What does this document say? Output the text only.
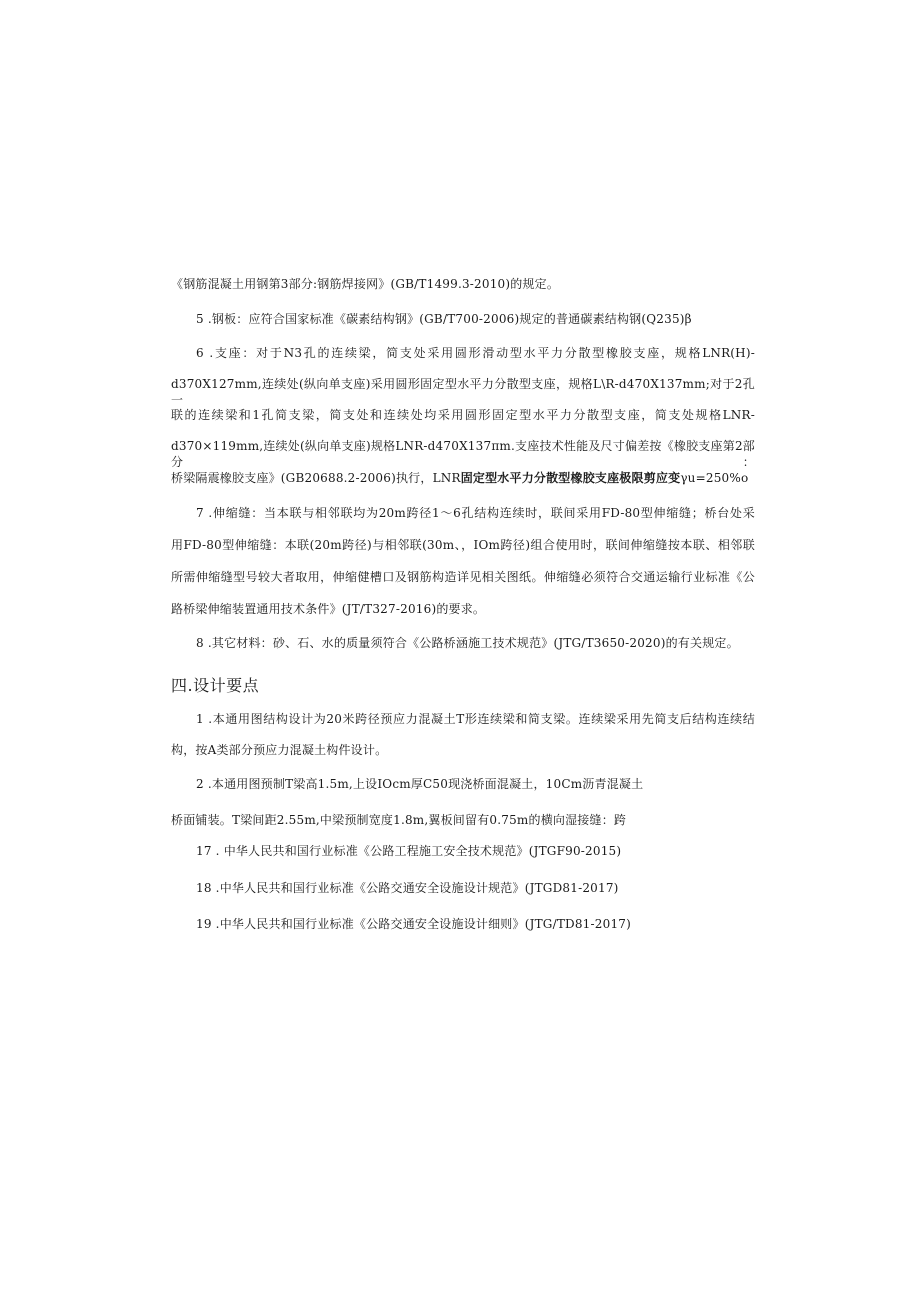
《钢筋混凝土用钢第3部分:钢筋焊接网》(GB/T1499.3-2010)的规定。
5 .钢板：应符合国家标准《碳素结构钢》(GB/T700-2006)规定的普通碳素结构钢(Q235)β
6 .支座：对于N3孔的连续梁，简支处采用圆形滑动型水平力分散型橡胶支座，规格LNR(H)-
d370X127mm,连续处(纵向单支座)采用圆形固定型水平力分散型支座，规格L\R-d470X137mm;对于2孔一
联的连续梁和1孔简支梁，简支处和连续处均采用圆形固定型水平力分散型支座，简支处规格LNR-
d370×119mm,连续处(纵向单支座)规格LNR-d470X137πm.支座技术性能及尺寸偏差按《橡胶支座第2部分：
桥梁隔震橡胶支座》(GB20688.2-2006)执行，LNR固定型水平力分散型橡胶支座极限剪应变γu=250%o
7 .伸缩缝：当本联与相邻联均为20m跨径1～6孔结构连续时，联间采用FD-80型伸缩缝；桥台处采
用FD-80型伸缩缝：本联(20m跨径)与相邻联(30m、，IOm跨径)组合使用时，联间伸缩缝按本联、相邻联
所需伸缩缝型号较大者取用，伸缩健槽口及钢筋构造详见相关图纸。伸缩缝必须符合交通运输行业标准《公
路桥梁伸缩装置通用技术条件》(JT/T327-2016)的要求。
8 .其它材料：砂、石、水的质量须符合《公路桥涵施工技术规范》(JTG/T3650-2020)的有关规定。
四.设计要点
1 .本通用图结构设计为20米跨径预应力混凝土T形连续梁和简支梁。连续梁采用先简支后结构连续结
构，按A类部分预应力混凝土构件设计。
2 .本通用图预制T梁高1.5m,上设IOcm厚C50现浇桥面混凝土，10Cm沥青混凝土
桥面铺装。T梁间距2.55m,中梁预制宽度1.8m,翼板间留有0.75m的横向湿接缝：跨
17 . 中华人民共和国行业标准《公路工程施工安全技术规范》(JTGF90-2015)
18 .中华人民共和国行业标准《公路交通安全设施设计规范》(JTGD81-2017)
19 .中华人民共和国行业标准《公路交通安全设施设计细则》(JTG/TD81-2017)
